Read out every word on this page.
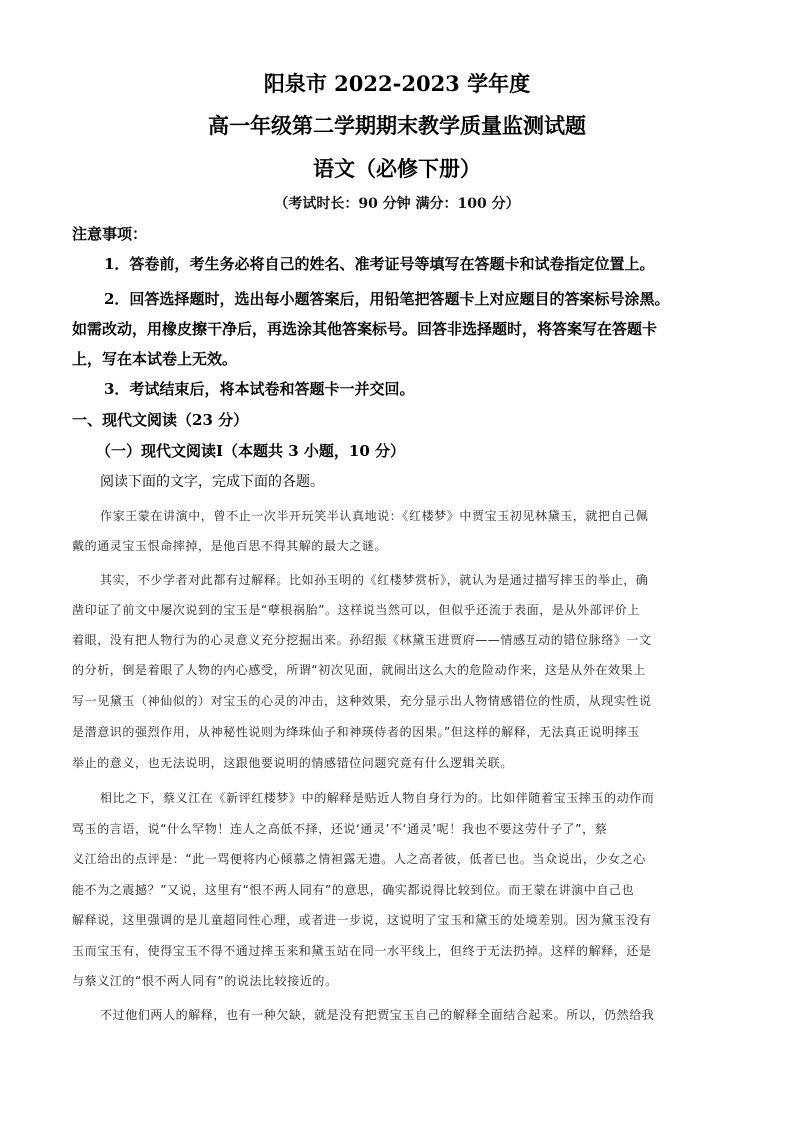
阳泉市 2022-2023 学年度
高一年级第二学期期末教学质量监测试题
语文（必修下册）
（考试时长：90 分钟 满分：100 分）
注意事项：
1．答卷前，考生务必将自己的姓名、准考证号等填写在答题卡和试卷指定位置上。
2．回答选择题时，选出每小题答案后，用铅笔把答题卡上对应题目的答案标号涂黑。
如需改动，用橡皮擦干净后，再选涂其他答案标号。回答非选择题时，将答案写在答题卡
上，写在本试卷上无效。
3．考试结束后，将本试卷和答题卡一并交回。
一、现代文阅读（23 分）
（一）现代文阅读Ⅰ（本题共 3 小题，10 分）
阅读下面的文字，完成下面的各题。
作家王蒙在讲演中，曾不止一次半开玩笑半认真地说：《红楼梦》中贾宝玉初见林黛玉，就把自己佩
戴的通灵宝玉恨命摔掉，是他百思不得其解的最大之谜。
其实，不少学者对此都有过解释。比如孙玉明的《红楼梦赏析》，就认为是通过描写摔玉的举止，确
凿印证了前文中屡次说到的宝玉是“孽根祸胎”。这样说当然可以，但似乎还流于表面，是从外部评价上
着眼，没有把人物行为的心灵意义充分挖掘出来。孙绍振《林黛玉进贾府——情感互动的错位脉络》一文
的分析，倒是着眼了人物的内心感受，所谓“初次见面，就闹出这么大的危险动作来，这是从外在效果上
写一见黛玉（神仙似的）对宝玉的心灵的冲击，这种效果，充分显示出人物情感错位的性质，从现实性说
是潜意识的强烈作用，从神秘性说则为绛珠仙子和神瑛侍者的因果。”但这样的解释，无法真正说明摔玉
举止的意义，也无法说明，这跟他要说明的情感错位问题究竟有什么逻辑关联。
相比之下，蔡义江在《新评红楼梦》中的解释是贴近人物自身行为的。比如伴随着宝玉摔玉的动作而
骂玉的言语，说“什么罕物！连人之高低不择，还说‘通灵’不‘通灵’呢！我也不要这劳什子了”，蔡
义江给出的点评是：“此一骂便将内心倾慕之情袒露无遗。人之高者彼，低者已也。当众说出，少女之心
能不为之震撼？”又说，这里有“恨不两人同有”的意思，确实都说得比较到位。而王蒙在讲演中自己也
解释说，这里强调的是儿童超同性心理，或者进一步说，这说明了宝玉和黛玉的处境差别。因为黛玉没有
玉而宝玉有，使得宝玉不得不通过摔玉来和黛玉站在同一水平线上，但终于无法扔掉。这样的解释，还是
与蔡义江的“恨不两人同有”的说法比较接近的。
不过他们两人的解释，也有一种欠缺，就是没有把贾宝玉自己的解释全面结合起来。所以，仍然给我
